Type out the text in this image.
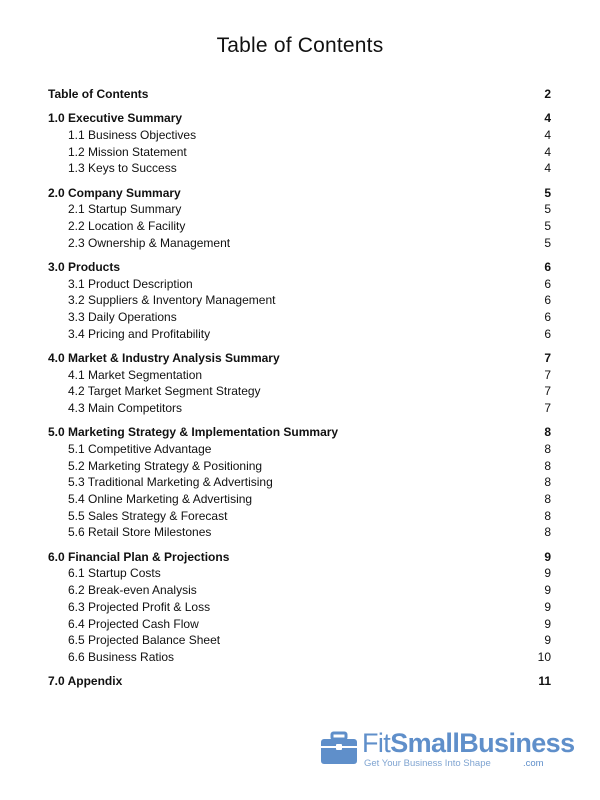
Table of Contents
Table of Contents	2
1.0 Executive Summary	4
1.1 Business Objectives	4
1.2 Mission Statement	4
1.3 Keys to Success	4
2.0 Company Summary	5
2.1 Startup Summary	5
2.2 Location & Facility	5
2.3 Ownership & Management	5
3.0 Products	6
3.1 Product Description	6
3.2 Suppliers & Inventory Management	6
3.3 Daily Operations	6
3.4 Pricing and Profitability	6
4.0 Market & Industry Analysis Summary	7
4.1 Market Segmentation	7
4.2 Target Market Segment Strategy	7
4.3 Main Competitors	7
5.0 Marketing Strategy & Implementation Summary	8
5.1 Competitive Advantage	8
5.2 Marketing Strategy & Positioning	8
5.3 Traditional Marketing & Advertising	8
5.4 Online Marketing & Advertising	8
5.5 Sales Strategy & Forecast	8
5.6 Retail Store Milestones	8
6.0 Financial Plan & Projections	9
6.1 Startup Costs	9
6.2 Break-even Analysis	9
6.3 Projected Profit & Loss	9
6.4 Projected Cash Flow	9
6.5 Projected Balance Sheet	9
6.6 Business Ratios	10
7.0 Appendix	11
FitSmallBusiness
Get Your Business Into Shape	.com
